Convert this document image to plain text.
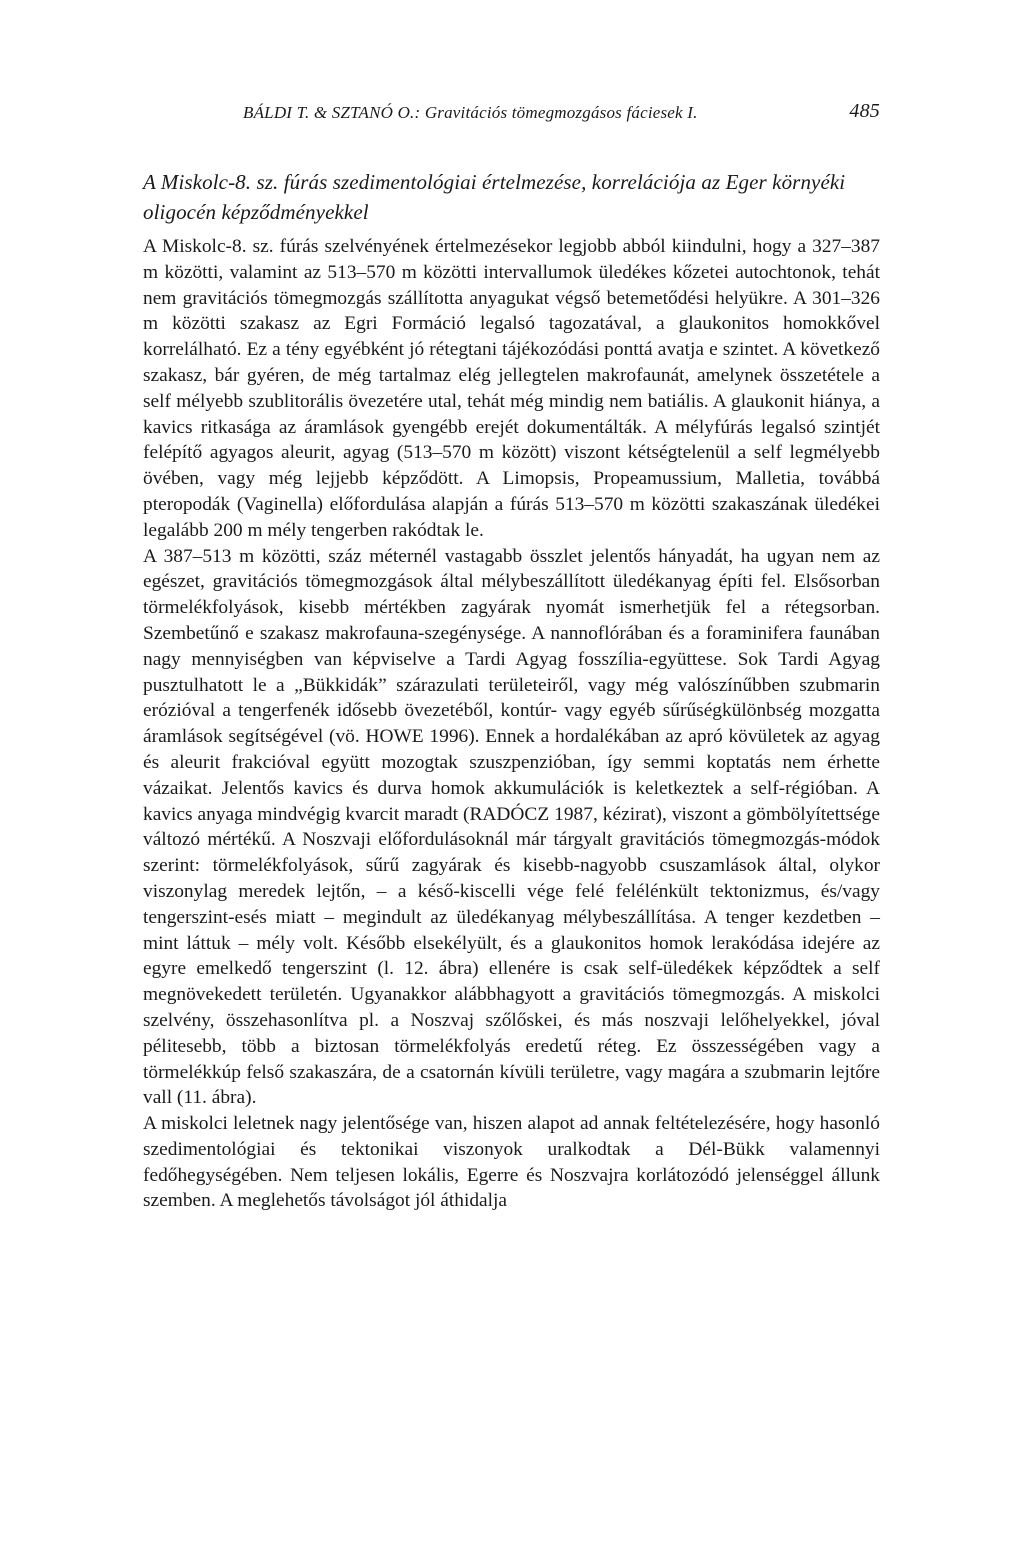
BÁLDI T. & SZTANÓ O.: Gravitációs tömegmozgásos fáciesek I.	485
A Miskolc-8. sz. fúrás szedimentológiai értelmezése, korrelációja az Eger környéki oligocén képződményekkel

A Miskolc-8. sz. fúrás szelvényének értelmezésekor legjobb abból kiindulni, hogy a 327–387 m közötti, valamint az 513–570 m közötti intervallumok üledékes kőzetei autochtonok, tehát nem gravitációs tömegmozgás szállította anyagukat végső betemetődési helyükre. A 301–326 m közötti szakasz az Egri Formáció legalsó tagozatával, a glaukonitos homokkővel korrelálható. Ez a tény egyébként jó rétegtani tájékozódási ponttá avatja e szintet. A következő szakasz, bár gyéren, de még tartalmaz elég jellegtelen makrofaunát, amelynek összetétele a self mélyebb szublitorális övezetére utal, tehát még mindig nem batiális. A glaukonit hiánya, a kavics ritkasága az áramlások gyengébb erejét dokumentálták. A mélyfúrás legalsó szintjét felépítő agyagos aleurit, agyag (513–570 m között) viszont kétségtelenül a self legmélyebb övében, vagy még lejjebb képződött. A Limopsis, Propeamussium, Malletia, továbbá pteropodák (Vaginella) előfordulása alapján a fúrás 513–570 m közötti szakaszának üledékei legalább 200 m mély tengerben rakódtak le.

A 387–513 m közötti, száz méternél vastagabb összlet jelentős hányadát, ha ugyan nem az egészet, gravitációs tömegmozgások által mélybeszállított üledékanyag építi fel. Elsősorban törmelékfolyások, kisebb mértékben zagyárak nyomát ismerhetjük fel a rétegsorban. Szembetűnő e szakasz makrofauna-szegénysége. A nannoflórában és a foraminifera faunában nagy mennyiségben van képviselve a Tardi Agyag fosszília-együttese. Sok Tardi Agyag pusztulhatott le a „Bükkidák” szárazulati területeiről, vagy még valószínűbben szubmarin erózióval a tengerfenék idősebb övezetéből, kontúr- vagy egyéb sűrűségkülönbség mozgatta áramlások segítségével (vö. HOWE 1996). Ennek a hordalékában az apró kövületek az agyag és aleurit frakcióval együtt mozogtak szuszpenzióban, így semmi koptatás nem érhette vázaikat. Jelentős kavics és durva homok akkumulációk is keletkeztek a self-régióban. A kavics anyaga mindvégig kvarcit maradt (RADÓCZ 1987, kézirat), viszont a gömbölyítettsége változó mértékű. A Noszvaji előfordulásoknál már tárgyalt gravitációs tömegmozgás-módok szerint: törmelékfolyások, sűrű zagyárak és kisebb-nagyobb csuszamlások által, olykor viszonylag meredek lejtőn, – a késő-kiscelli vége felé felélénkült tektonizmus, és/vagy tengerszint-esés miatt – megindult az üledékanyag mélybeszállítása. A tenger kezdetben – mint láttuk – mély volt. Később elsekélyült, és a glaukonitos homok lerakódása idejére az egyre emelkedő tengerszint (l. 12. ábra) ellenére is csak self-üledékek képződtek a self megnövekedett területén. Ugyanakkor alábbhagyott a gravitációs tömegmozgás. A miskolci szelvény, összehasonlítva pl. a Noszvaj szőlőskei, és más noszvaji lelőhelyekkel, jóval pélitesebb, több a biztosan törmelékfolyás eredetű réteg. Ez összességében vagy a törmelékkúp felső szakaszára, de a csatornán kívüli területre, vagy magára a szubmarin lejtőre vall (11. ábra).

A miskolci leletnek nagy jelentősége van, hiszen alapot ad annak feltételezésére, hogy hasonló szedimentológiai és tektonikai viszonyok uralkodtak a Dél-Bükk valamennyi fedőhegységében. Nem teljesen lokális, Egerre és Noszvajra korlátozódó jelenséggel állunk szemben. A meglehetős távolságot jól áthidalja
